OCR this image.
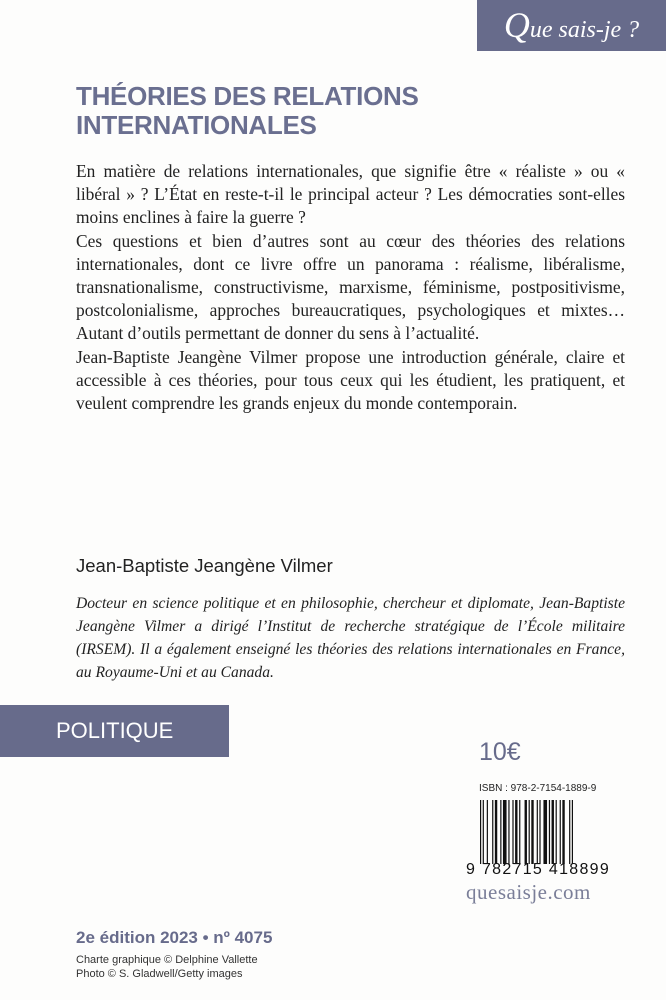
Que sais-je ?
THÉORIES DES RELATIONS INTERNATIONALES

En matière de relations internationales, que signifie être « réaliste » ou « libéral » ? L’État en reste-t-il le principal acteur ? Les démocraties sont-elles moins enclines à faire la guerre ?

Ces questions et bien d’autres sont au cœur des théories des relations internationales, dont ce livre offre un panorama : réalisme, libéralisme, transnationalisme, constructivisme, marxisme, féminisme, postpositivisme, postcolonialisme, approches bureaucratiques, psychologiques et mixtes… Autant d’outils permettant de donner du sens à l’actualité.

Jean-Baptiste Jeangène Vilmer propose une introduction générale, claire et accessible à ces théories, pour tous ceux qui les étudient, les pratiquent, et veulent comprendre les grands enjeux du monde contemporain.

Jean-Baptiste Jeangène Vilmer
Docteur en science politique et en philosophie, chercheur et diplomate, Jean-Baptiste Jeangène Vilmer a dirigé l’Institut de recherche stratégique de l’École militaire (IRSEM). Il a également enseigné les théories des relations internationales en France, au Royaume-Uni et au Canada.
POLITIQUE
10€
ISBN : 978-2-7154-1889-9
9 782715 418899
quesaisje.com
2e édition 2023 • nº 4075
Charte graphique © Delphine Vallette
Photo © S. Gladwell/Getty images
